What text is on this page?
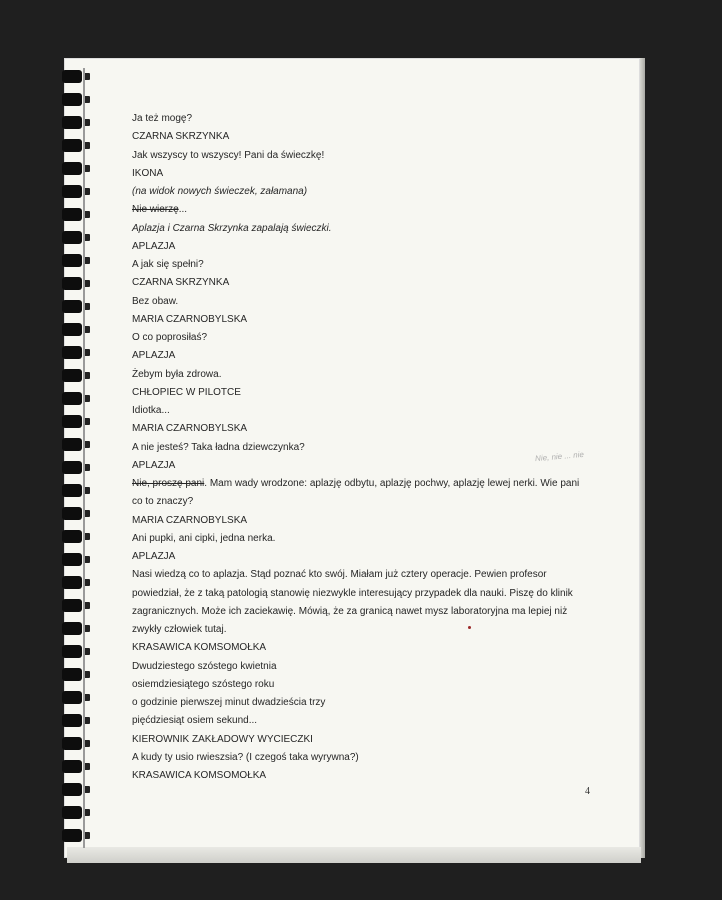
Ja też mogę?
CZARNA SKRZYNKA
Jak wszyscy to wszyscy! Pani da świeczkę!
IKONA
(na widok nowych świeczek, załamana)
Nie wierzę...
Aplazja i Czarna Skrzynka zapalają świeczki.
APLAZJA
A jak się spełni?
CZARNA SKRZYNKA
Bez obaw.
MARIA CZARNOBYLSKA
O co poprosiłaś?
APLAZJA
Żebym była zdrowa.
CHŁOPIEC W PILOTCE
Idiotka...
MARIA CZARNOBYLSKA
A nie jesteś? Taka ładna dziewczynka?
APLAZJA
Nie, proszę pani. Mam wady wrodzone: aplazję odbytu, aplazję pochwy, aplazję lewej nerki. Wie pani
co to znaczy?
MARIA CZARNOBYLSKA
Ani pupki, ani cipki, jedna nerka.
APLAZJA
Nasi wiedzą co to aplazja. Stąd poznać kto swój. Miałam już cztery operacje. Pewien profesor
powiedział, że z taką patologią stanowię niezwykle interesujący przypadek dla nauki. Piszę do klinik
zagranicznych. Może ich zaciekawię. Mówią, że za granicą nawet mysz laboratoryjna ma lepiej niż
zwykły człowiek tutaj.
KRASAWICA KOMSOMOŁKA
Dwudziestego szóstego kwietnia
osiemdziesiątego szóstego roku
o godzinie pierwszej minut dwadzieścia trzy
pięćdziesiąt osiem sekund...
KIEROWNIK ZAKŁADOWY WYCIECZKI
A kudy ty usio rwieszsia? (I czegoś taka wyrywna?)
KRASAWICA KOMSOMOŁKA
Nie, nie ... nie
4
